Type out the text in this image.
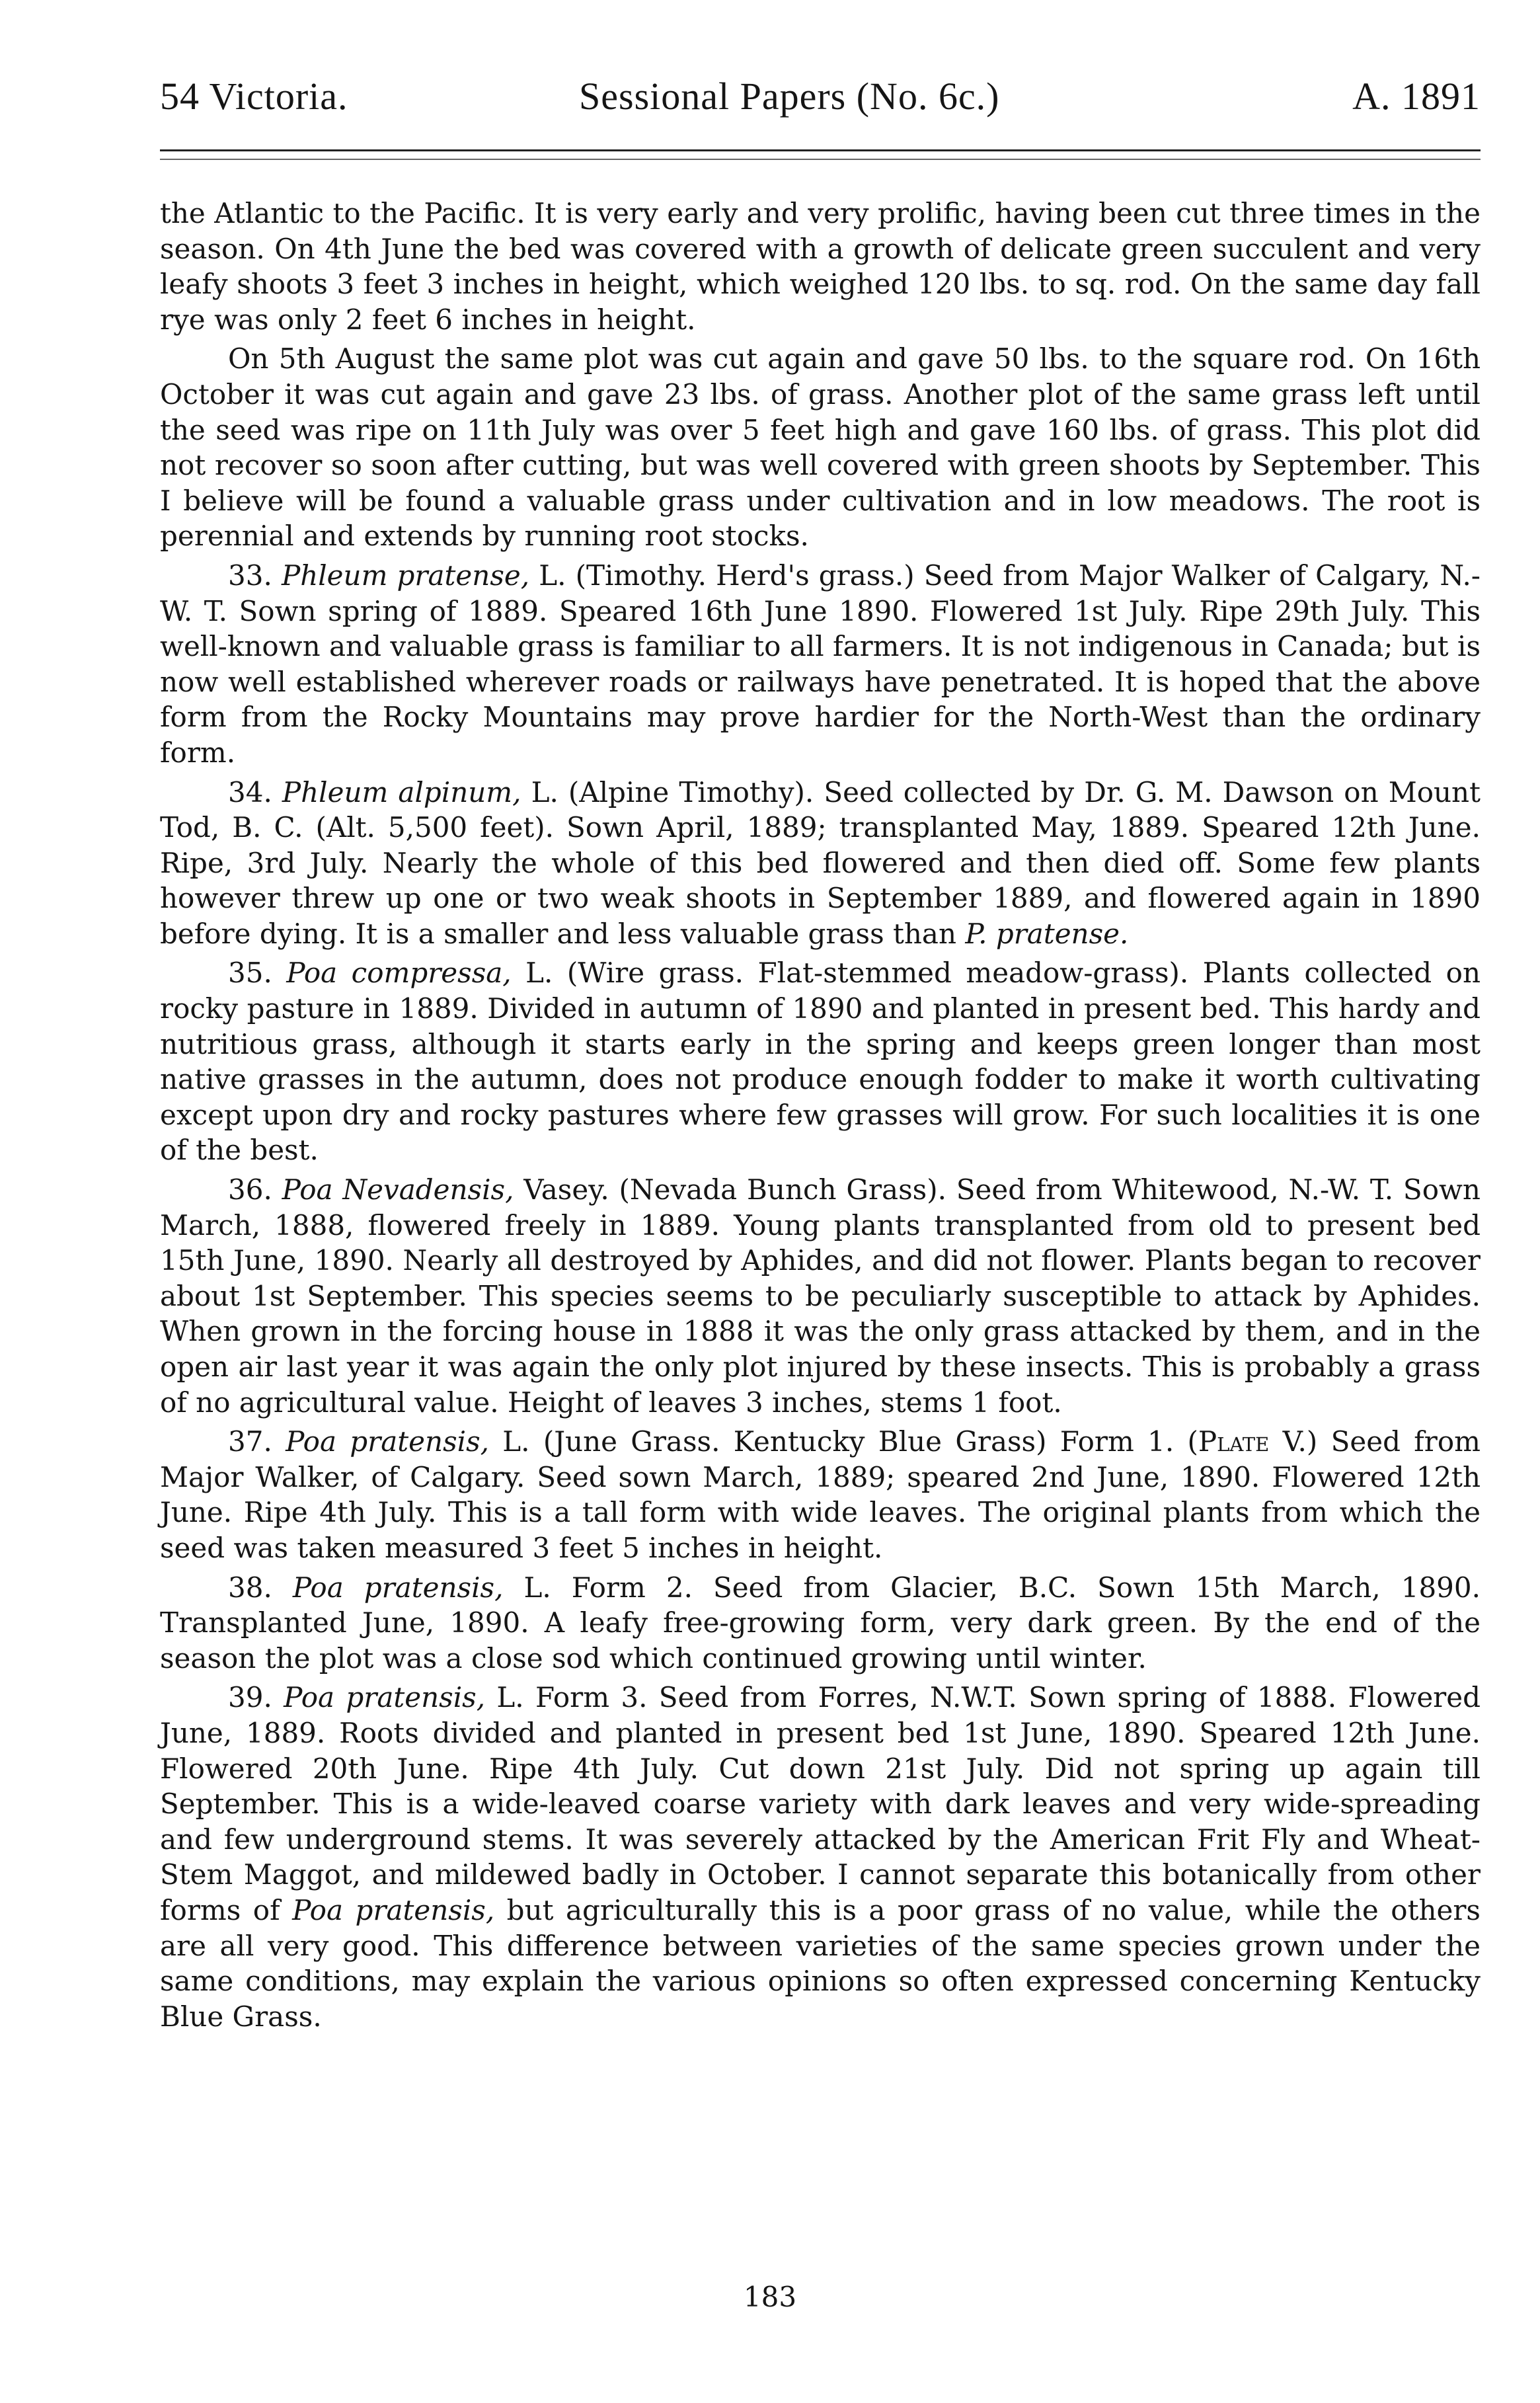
54 Victoria.	Sessional Papers (No. 6c.)	A. 1891

the Atlantic to the Pacific. It is very early and very prolific, having been cut three times in the season. On 4th June the bed was covered with a growth of delicate green succulent and very leafy shoots 3 feet 3 inches in height, which weighed 120 lbs. to sq. rod. On the same day fall rye was only 2 feet 6 inches in height.

On 5th August the same plot was cut again and gave 50 lbs. to the square rod. On 16th October it was cut again and gave 23 lbs. of grass. Another plot of the same grass left until the seed was ripe on 11th July was over 5 feet high and gave 160 lbs. of grass. This plot did not recover so soon after cutting, but was well covered with green shoots by September. This I believe will be found a valuable grass under cultivation and in low meadows. The root is perennial and extends by running root stocks.

33. Phleum pratense, L. (Timothy. Herd's grass.) Seed from Major Walker of Calgary, N.-W. T. Sown spring of 1889. Speared 16th June 1890. Flowered 1st July. Ripe 29th July. This well-known and valuable grass is familiar to all farmers. It is not indigenous in Canada; but is now well established wherever roads or railways have penetrated. It is hoped that the above form from the Rocky Mountains may prove hardier for the North-West than the ordinary form.

34. Phleum alpinum, L. (Alpine Timothy). Seed collected by Dr. G. M. Dawson on Mount Tod, B. C. (Alt. 5,500 feet). Sown April, 1889; transplanted May, 1889. Speared 12th June. Ripe, 3rd July. Nearly the whole of this bed flowered and then died off. Some few plants however threw up one or two weak shoots in September 1889, and flowered again in 1890 before dying. It is a smaller and less valuable grass than P. pratense.

35. Poa compressa, L. (Wire grass. Flat-stemmed meadow-grass). Plants collected on rocky pasture in 1889. Divided in autumn of 1890 and planted in present bed. This hardy and nutritious grass, although it starts early in the spring and keeps green longer than most native grasses in the autumn, does not produce enough fodder to make it worth cultivating except upon dry and rocky pastures where few grasses will grow. For such localities it is one of the best.

36. Poa Nevadensis, Vasey. (Nevada Bunch Grass). Seed from Whitewood, N.-W. T. Sown March, 1888, flowered freely in 1889. Young plants transplanted from old to present bed 15th June, 1890. Nearly all destroyed by Aphides, and did not flower. Plants began to recover about 1st September. This species seems to be peculiarly susceptible to attack by Aphides. When grown in the forcing house in 1888 it was the only grass attacked by them, and in the open air last year it was again the only plot injured by these insects. This is probably a grass of no agricultural value. Height of leaves 3 inches, stems 1 foot.

37. Poa pratensis, L. (June Grass. Kentucky Blue Grass) Form 1. (Plate V.) Seed from Major Walker, of Calgary. Seed sown March, 1889; speared 2nd June, 1890. Flowered 12th June. Ripe 4th July. This is a tall form with wide leaves. The original plants from which the seed was taken measured 3 feet 5 inches in height.

38. Poa pratensis, L. Form 2. Seed from Glacier, B.C. Sown 15th March, 1890. Transplanted June, 1890. A leafy free-growing form, very dark green. By the end of the season the plot was a close sod which continued growing until winter.

39. Poa pratensis, L. Form 3. Seed from Forres, N.W.T. Sown spring of 1888. Flowered June, 1889. Roots divided and planted in present bed 1st June, 1890. Speared 12th June. Flowered 20th June. Ripe 4th July. Cut down 21st July. Did not spring up again till September. This is a wide-leaved coarse variety with dark leaves and very wide-spreading and few underground stems. It was severely attacked by the American Frit Fly and Wheat-Stem Maggot, and mildewed badly in October. I cannot separate this botanically from other forms of Poa pratensis, but agriculturally this is a poor grass of no value, while the others are all very good. This difference between varieties of the same species grown under the same conditions, may explain the various opinions so often expressed concerning Kentucky Blue Grass.

183
